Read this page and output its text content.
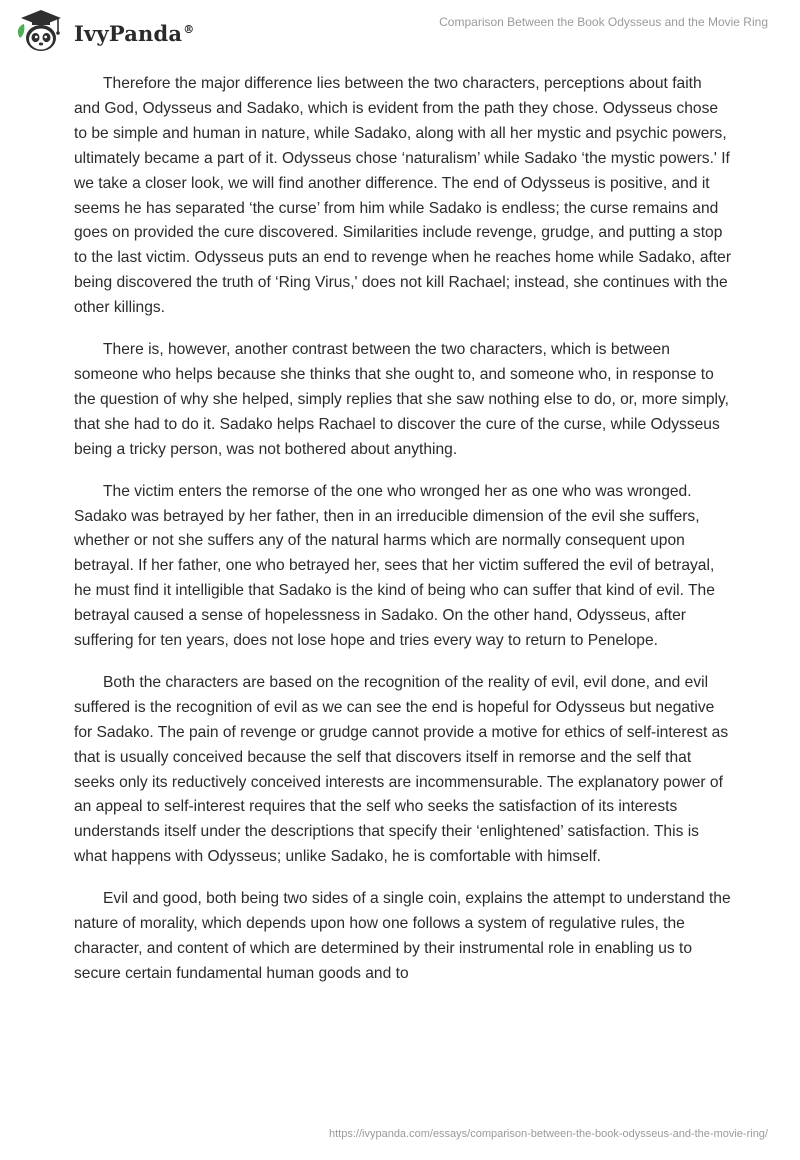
IvyPanda®	Comparison Between the Book Odysseus and the Movie Ring

Therefore the major difference lies between the two characters, perceptions about faith and God, Odysseus and Sadako, which is evident from the path they chose. Odysseus chose to be simple and human in nature, while Sadako, along with all her mystic and psychic powers, ultimately became a part of it. Odysseus chose ‘naturalism’ while Sadako ‘the mystic powers.' If we take a closer look, we will find another difference. The end of Odysseus is positive, and it seems he has separated ‘the curse’ from him while Sadako is endless; the curse remains and goes on provided the cure discovered. Similarities include revenge, grudge, and putting a stop to the last victim. Odysseus puts an end to revenge when he reaches home while Sadako, after being discovered the truth of ‘Ring Virus,' does not kill Rachael; instead, she continues with the other killings.

There is, however, another contrast between the two characters, which is between someone who helps because she thinks that she ought to, and someone who, in response to the question of why she helped, simply replies that she saw nothing else to do, or, more simply, that she had to do it. Sadako helps Rachael to discover the cure of the curse, while Odysseus being a tricky person, was not bothered about anything.

The victim enters the remorse of the one who wronged her as one who was wronged. Sadako was betrayed by her father, then in an irreducible dimension of the evil she suffers, whether or not she suffers any of the natural harms which are normally consequent upon betrayal. If her father, one who betrayed her, sees that her victim suffered the evil of betrayal, he must find it intelligible that Sadako is the kind of being who can suffer that kind of evil. The betrayal caused a sense of hopelessness in Sadako. On the other hand, Odysseus, after suffering for ten years, does not lose hope and tries every way to return to Penelope.

Both the characters are based on the recognition of the reality of evil, evil done, and evil suffered is the recognition of evil as we can see the end is hopeful for Odysseus but negative for Sadako. The pain of revenge or grudge cannot provide a motive for ethics of self-interest as that is usually conceived because the self that discovers itself in remorse and the self that seeks only its reductively conceived interests are incommensurable. The explanatory power of an appeal to self-interest requires that the self who seeks the satisfaction of its interests understands itself under the descriptions that specify their ‘enlightened’ satisfaction. This is what happens with Odysseus; unlike Sadako, he is comfortable with himself.

Evil and good, both being two sides of a single coin, explains the attempt to understand the nature of morality, which depends upon how one follows a system of regulative rules, the character, and content of which are determined by their instrumental role in enabling us to secure certain fundamental human goods and to

https://ivypanda.com/essays/comparison-between-the-book-odysseus-and-the-movie-ring/
